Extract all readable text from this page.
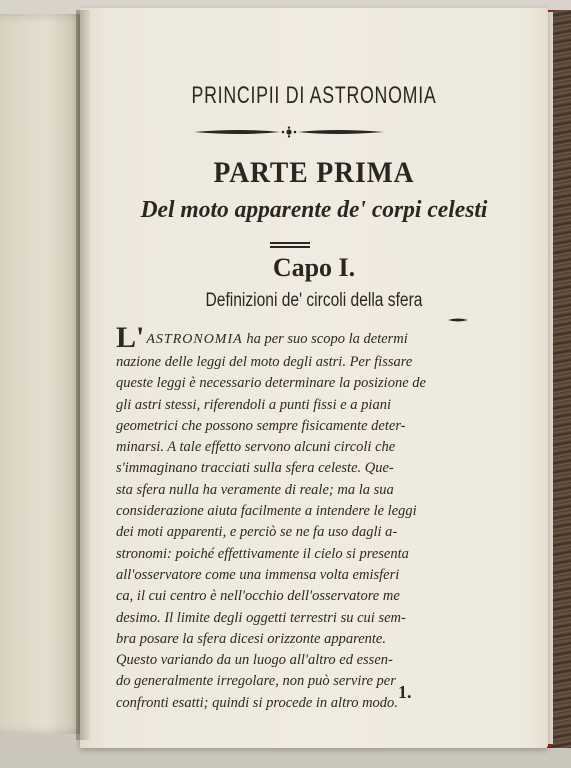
PRINCIPII DI ASTRONOMIA
PARTE PRIMA
Del moto apparente de' corpi celesti
Capo I.
Definizioni de' circoli della sfera
L' ASTRONOMIA ha per suo scopo la determi
nazione delle leggi del moto degli astri. Per fissare
queste leggi è necessario determinare la posizione de
gli astri stessi, riferendoli a punti fissi e a piani
geometrici che possono sempre fisicamente deter-
minarsi. A tale effetto servono alcuni circoli che
s'immaginano tracciati sulla sfera celeste. Que-
sta sfera nulla ha veramente di reale; ma la sua
considerazione aiuta facilmente a intendere le leggi
dei moti apparenti, e perciò se ne fa uso dagli a-
stronomi: poiché effettivamente il cielo si presenta
all'osservatore come una immensa volta emisferi
ca, il cui centro è nell'occhio dell'osservatore me
desimo. Il limite degli oggetti terrestri su cui sem-
bra posare la sfera dicesi orizzonte apparente.
Questo variando da un luogo all'altro ed essen-
do generalmente irregolare, non può servire per
confronti esatti; quindi si procede in altro modo.
1.
